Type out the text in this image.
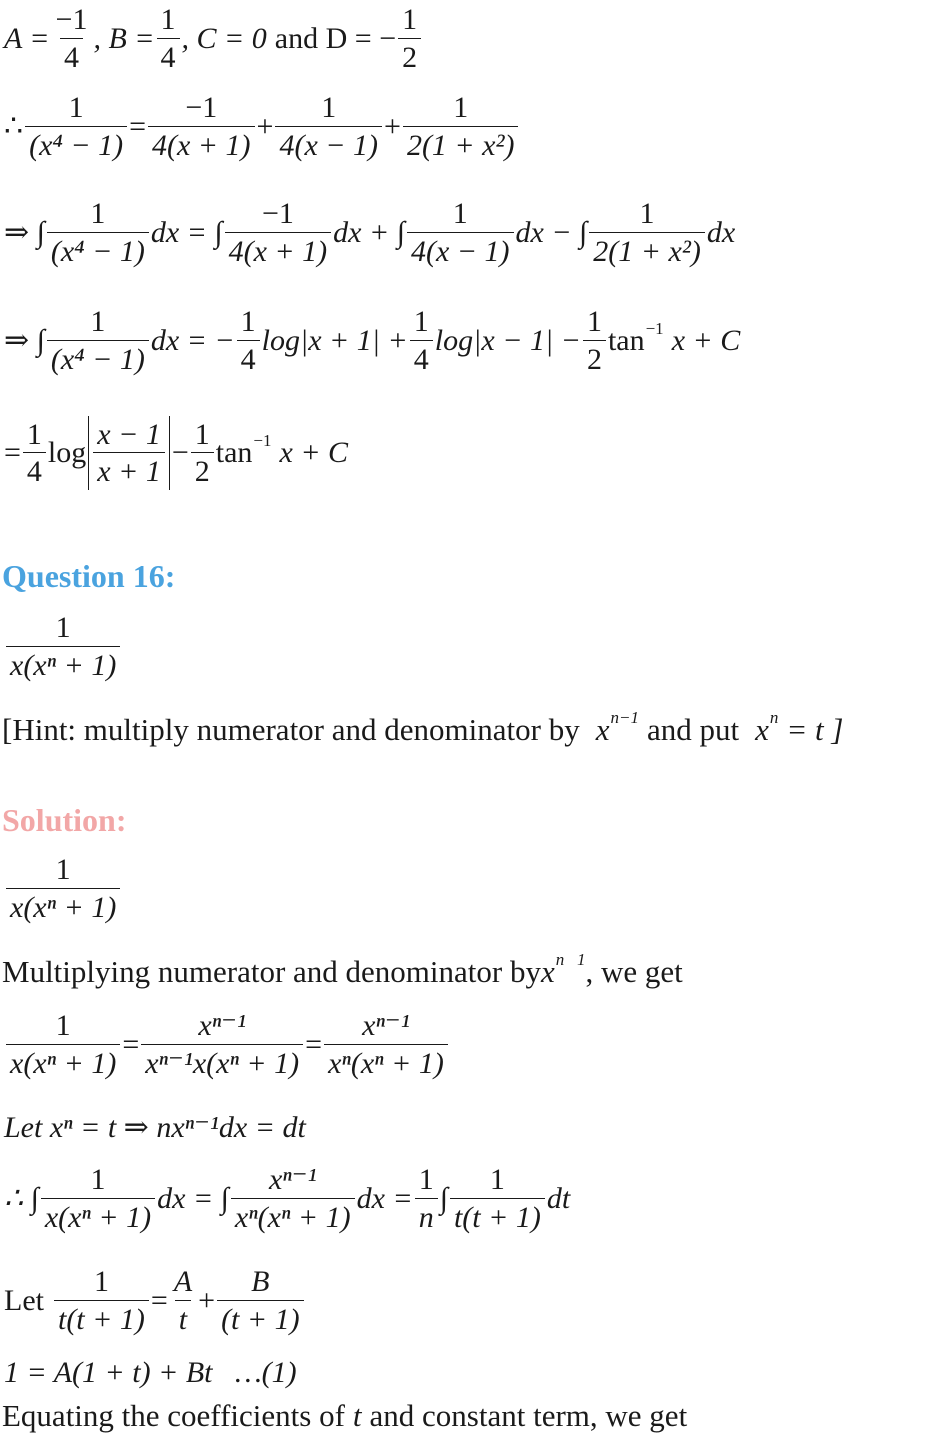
$A = \frac{-1}{4}$ , $B = \frac{1}{4}$ , C = 0 and D = − $\frac{1}{2}$
∴ $\frac{1}{\text{(x⁴ − 1)}} = \frac{-1}{4(x + 1)} + \frac{1}{4(x - 1)} + \frac{1}{\text{2(1 + x²)}}$
⇒ ∫ $\frac{1}{\text{(x⁴ − 1)}}$ dx = ∫ $\frac{-1}{4(x + 1)}$ dx + ∫ $\frac{1}{4(x - 1)}$ dx − ∫ $\frac{1}{\text{2(1 + x²)}}$ dx
⇒ ∫ $\frac{1}{\text{(x⁴ − 1)}}$ dx = − $\frac{1}{4} \log|x + 1| + \frac{1}{4} \log|x - 1| - \frac{1}{2}$ tan −1 x + C
= $\frac{1}{4}$ $\log \frac{x - 1}{x + 1} - \frac{1}{2}$ tan −1 x + C
Question 16:
$\frac{1}{\text{x(xⁿ + 1)}}$
[Hint: multiply numerator and denominator by x n−1 and put x n = t ]
Solution:
$\frac{1}{\text{x(xⁿ + 1)}}$
Multiplying numerator and denominator by x n   1 , we get
$\frac{1}{\text{x(xⁿ + 1)}} = \frac{\text{xⁿ⁻¹}}{\text{xⁿ⁻¹x(xⁿ + 1)}} = \frac{\text{xⁿ⁻¹}}{\text{xⁿ(xⁿ + 1)}}$
Let xⁿ = t ⇒ nxⁿ⁻¹dx = dt
∴ ∫ $\frac{1}{\text{x(xⁿ + 1)}}$ dx = ∫ $\frac{\text{xⁿ⁻¹}}{\text{xⁿ(xⁿ + 1)}}$ dx = $\frac{1}{n}$ ∫ $\frac{1}{t(t + 1)}$ dt
Let $\frac{1}{t(t + 1)} = \frac{A}{t} + \frac{B}{(t + 1)}$
1 = A(1 + t) + Bt   …(1)
Equating the coefficients of t and constant term, we get
